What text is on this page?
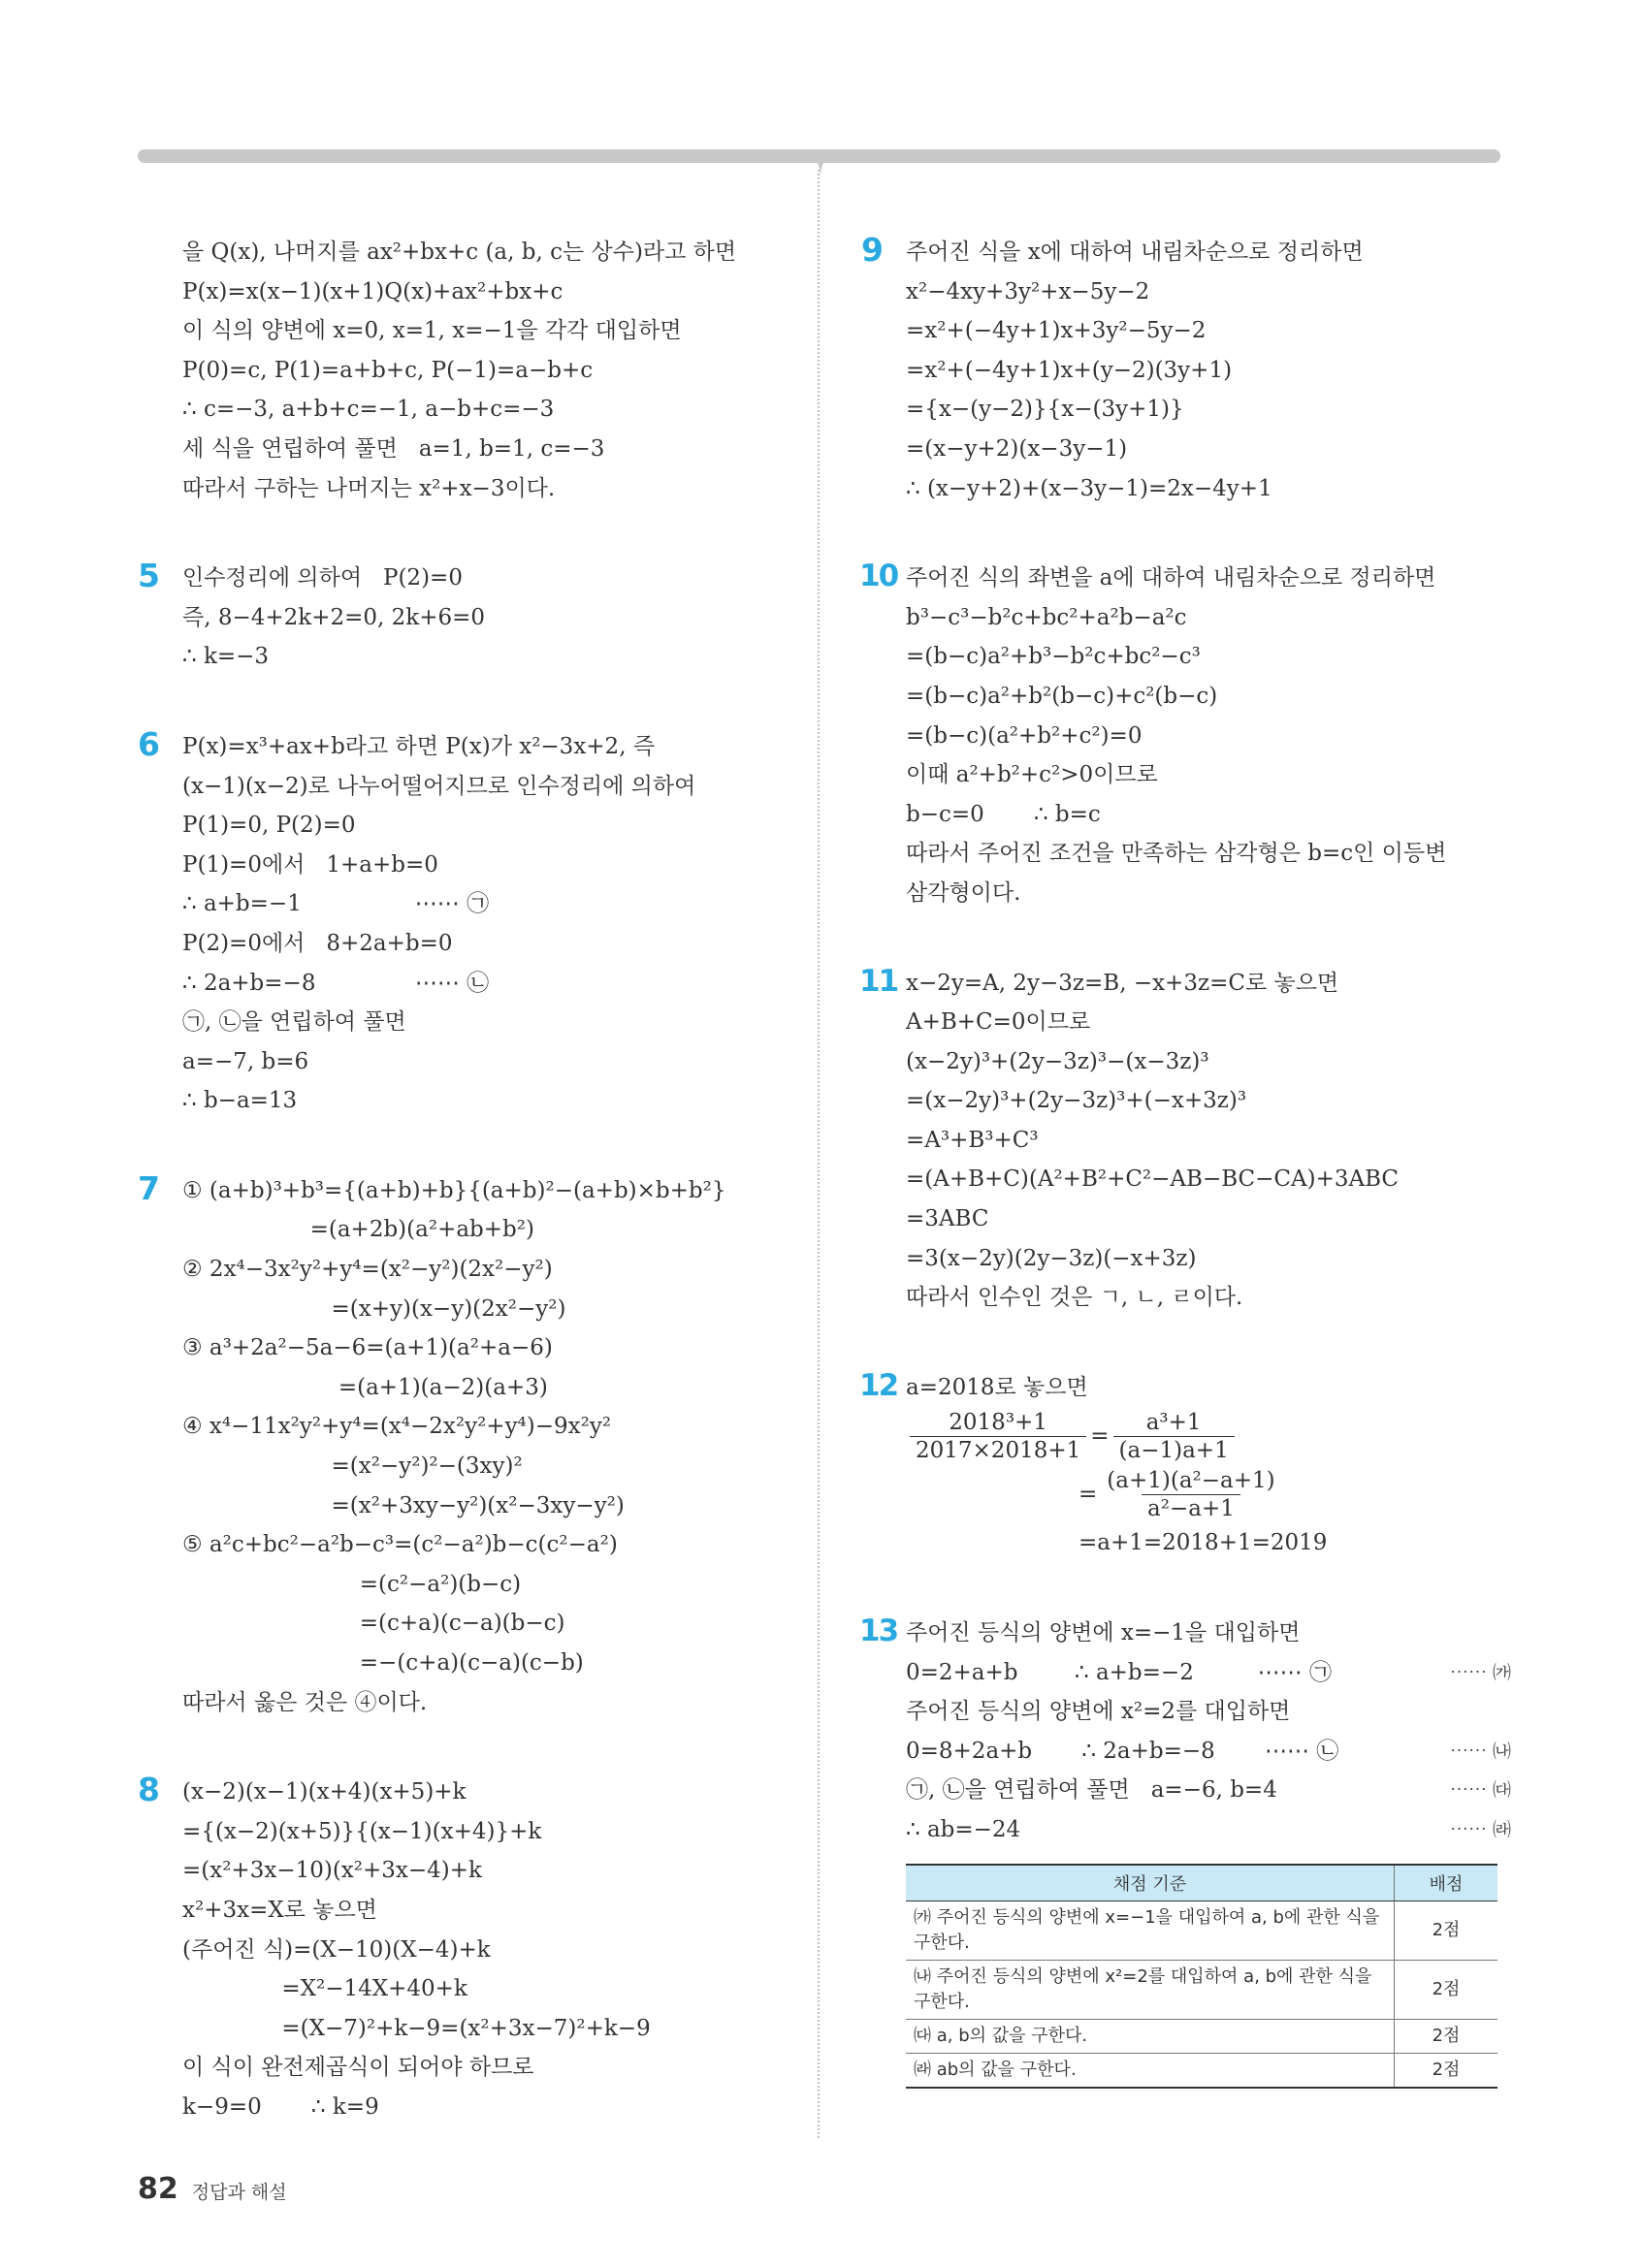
을 Q(x), 나머지를 ax²+bx+c (a, b, c는 상수)라고 하면
P(x)=x(x−1)(x+1)Q(x)+ax²+bx+c
이 식의 양변에 x=0, x=1, x=−1을 각각 대입하면
P(0)=c, P(1)=a+b+c, P(−1)=a−b+c
∴ c=−3, a+b+c=−1, a−b+c=−3
세 식을 연립하여 풀면   a=1, b=1, c=−3
따라서 구하는 나머지는 x²+x−3이다.
5 인수정리에 의하여   P(2)=0
즉, 8−4+2k+2=0, 2k+6=0
∴ k=−3
6 P(x)=x³+ax+b라고 하면 P(x)가 x²−3x+2, 즉
(x−1)(x−2)로 나누어떨어지므로 인수정리에 의하여
P(1)=0, P(2)=0
P(1)=0에서   1+a+b=0
∴ a+b=−1                ⋯⋯ ㉠
P(2)=0에서   8+2a+b=0
∴ 2a+b=−8              ⋯⋯ ㉡
㉠, ㉡을 연립하여 풀면
a=−7, b=6
∴ b−a=13
7 ① (a+b)³+b³={(a+b)+b}{(a+b)²−(a+b)×b+b²}
=(a+2b)(a²+ab+b²)
② 2x⁴−3x²y²+y⁴=(x²−y²)(2x²−y²)
=(x+y)(x−y)(2x²−y²)
③ a³+2a²−5a−6=(a+1)(a²+a−6)
=(a+1)(a−2)(a+3)
④ x⁴−11x²y²+y⁴=(x⁴−2x²y²+y⁴)−9x²y²
=(x²−y²)²−(3xy)²
=(x²+3xy−y²)(x²−3xy−y²)
⑤ a²c+bc²−a²b−c³=(c²−a²)b−c(c²−a²)
=(c²−a²)(b−c)
=(c+a)(c−a)(b−c)
=−(c+a)(c−a)(c−b)
따라서 옳은 것은 ④이다.
8 (x−2)(x−1)(x+4)(x+5)+k
={(x−2)(x+5)}{(x−1)(x+4)}+k
=(x²+3x−10)(x²+3x−4)+k
x²+3x=X로 놓으면
(주어진 식)=(X−10)(X−4)+k
=X²−14X+40+k
=(X−7)²+k−9=(x²+3x−7)²+k−9
이 식이 완전제곱식이 되어야 하므로
k−9=0       ∴ k=9
9 주어진 식을 x에 대하여 내림차순으로 정리하면
x²−4xy+3y²+x−5y−2
=x²+(−4y+1)x+3y²−5y−2
=x²+(−4y+1)x+(y−2)(3y+1)
={x−(y−2)}{x−(3y+1)}
=(x−y+2)(x−3y−1)
∴ (x−y+2)+(x−3y−1)=2x−4y+1
10 주어진 식의 좌변을 a에 대하여 내림차순으로 정리하면
b³−c³−b²c+bc²+a²b−a²c
=(b−c)a²+b³−b²c+bc²−c³
=(b−c)a²+b²(b−c)+c²(b−c)
=(b−c)(a²+b²+c²)=0
이때 a²+b²+c²>0이므로
b−c=0       ∴ b=c
따라서 주어진 조건을 만족하는 삼각형은 b=c인 이등변
삼각형이다.
11 x−2y=A, 2y−3z=B, −x+3z=C로 놓으면
A+B+C=0이므로
(x−2y)³+(2y−3z)³−(x−3z)³
=(x−2y)³+(2y−3z)³+(−x+3z)³
=A³+B³+C³
=(A+B+C)(A²+B²+C²−AB−BC−CA)+3ABC
=3ABC
=3(x−2y)(2y−3z)(−x+3z)
따라서 인수인 것은 ㄱ, ㄴ, ㄹ이다.
12 a=2018로 놓으면
$\frac{\text{2018³+1}}{2017\times 2018+1} = \frac{\text{a³+1}}{(a-1)a+1}$
= $\frac{\text{(a+1)(a²−a+1)}}{\text{a²−a+1}}$
=a+1=2018+1=2019
13 주어진 등식의 양변에 x=−1을 대입하면
0=2+a+b        ∴ a+b=−2         ⋯⋯ ㉠	⋯⋯ ㈎
주어진 등식의 양변에 x²=2를 대입하면
0=8+2a+b       ∴ 2a+b=−8       ⋯⋯ ㉡	⋯⋯ ㈏
㉠, ㉡을 연립하여 풀면   a=−6, b=4	⋯⋯ ㈐
∴ ab=−24	⋯⋯ ㈑
채점 기준	배점
㈎ 주어진 등식의 양변에 x=−1을 대입하여 a, b에 관한 식을 구한다.	2점
㈏ 주어진 등식의 양변에 x²=2를 대입하여 a, b에 관한 식을 구한다.	2점
㈐ a, b의 값을 구한다.	2점
㈑ ab의 값을 구한다.	2점
82 정답과 해설
